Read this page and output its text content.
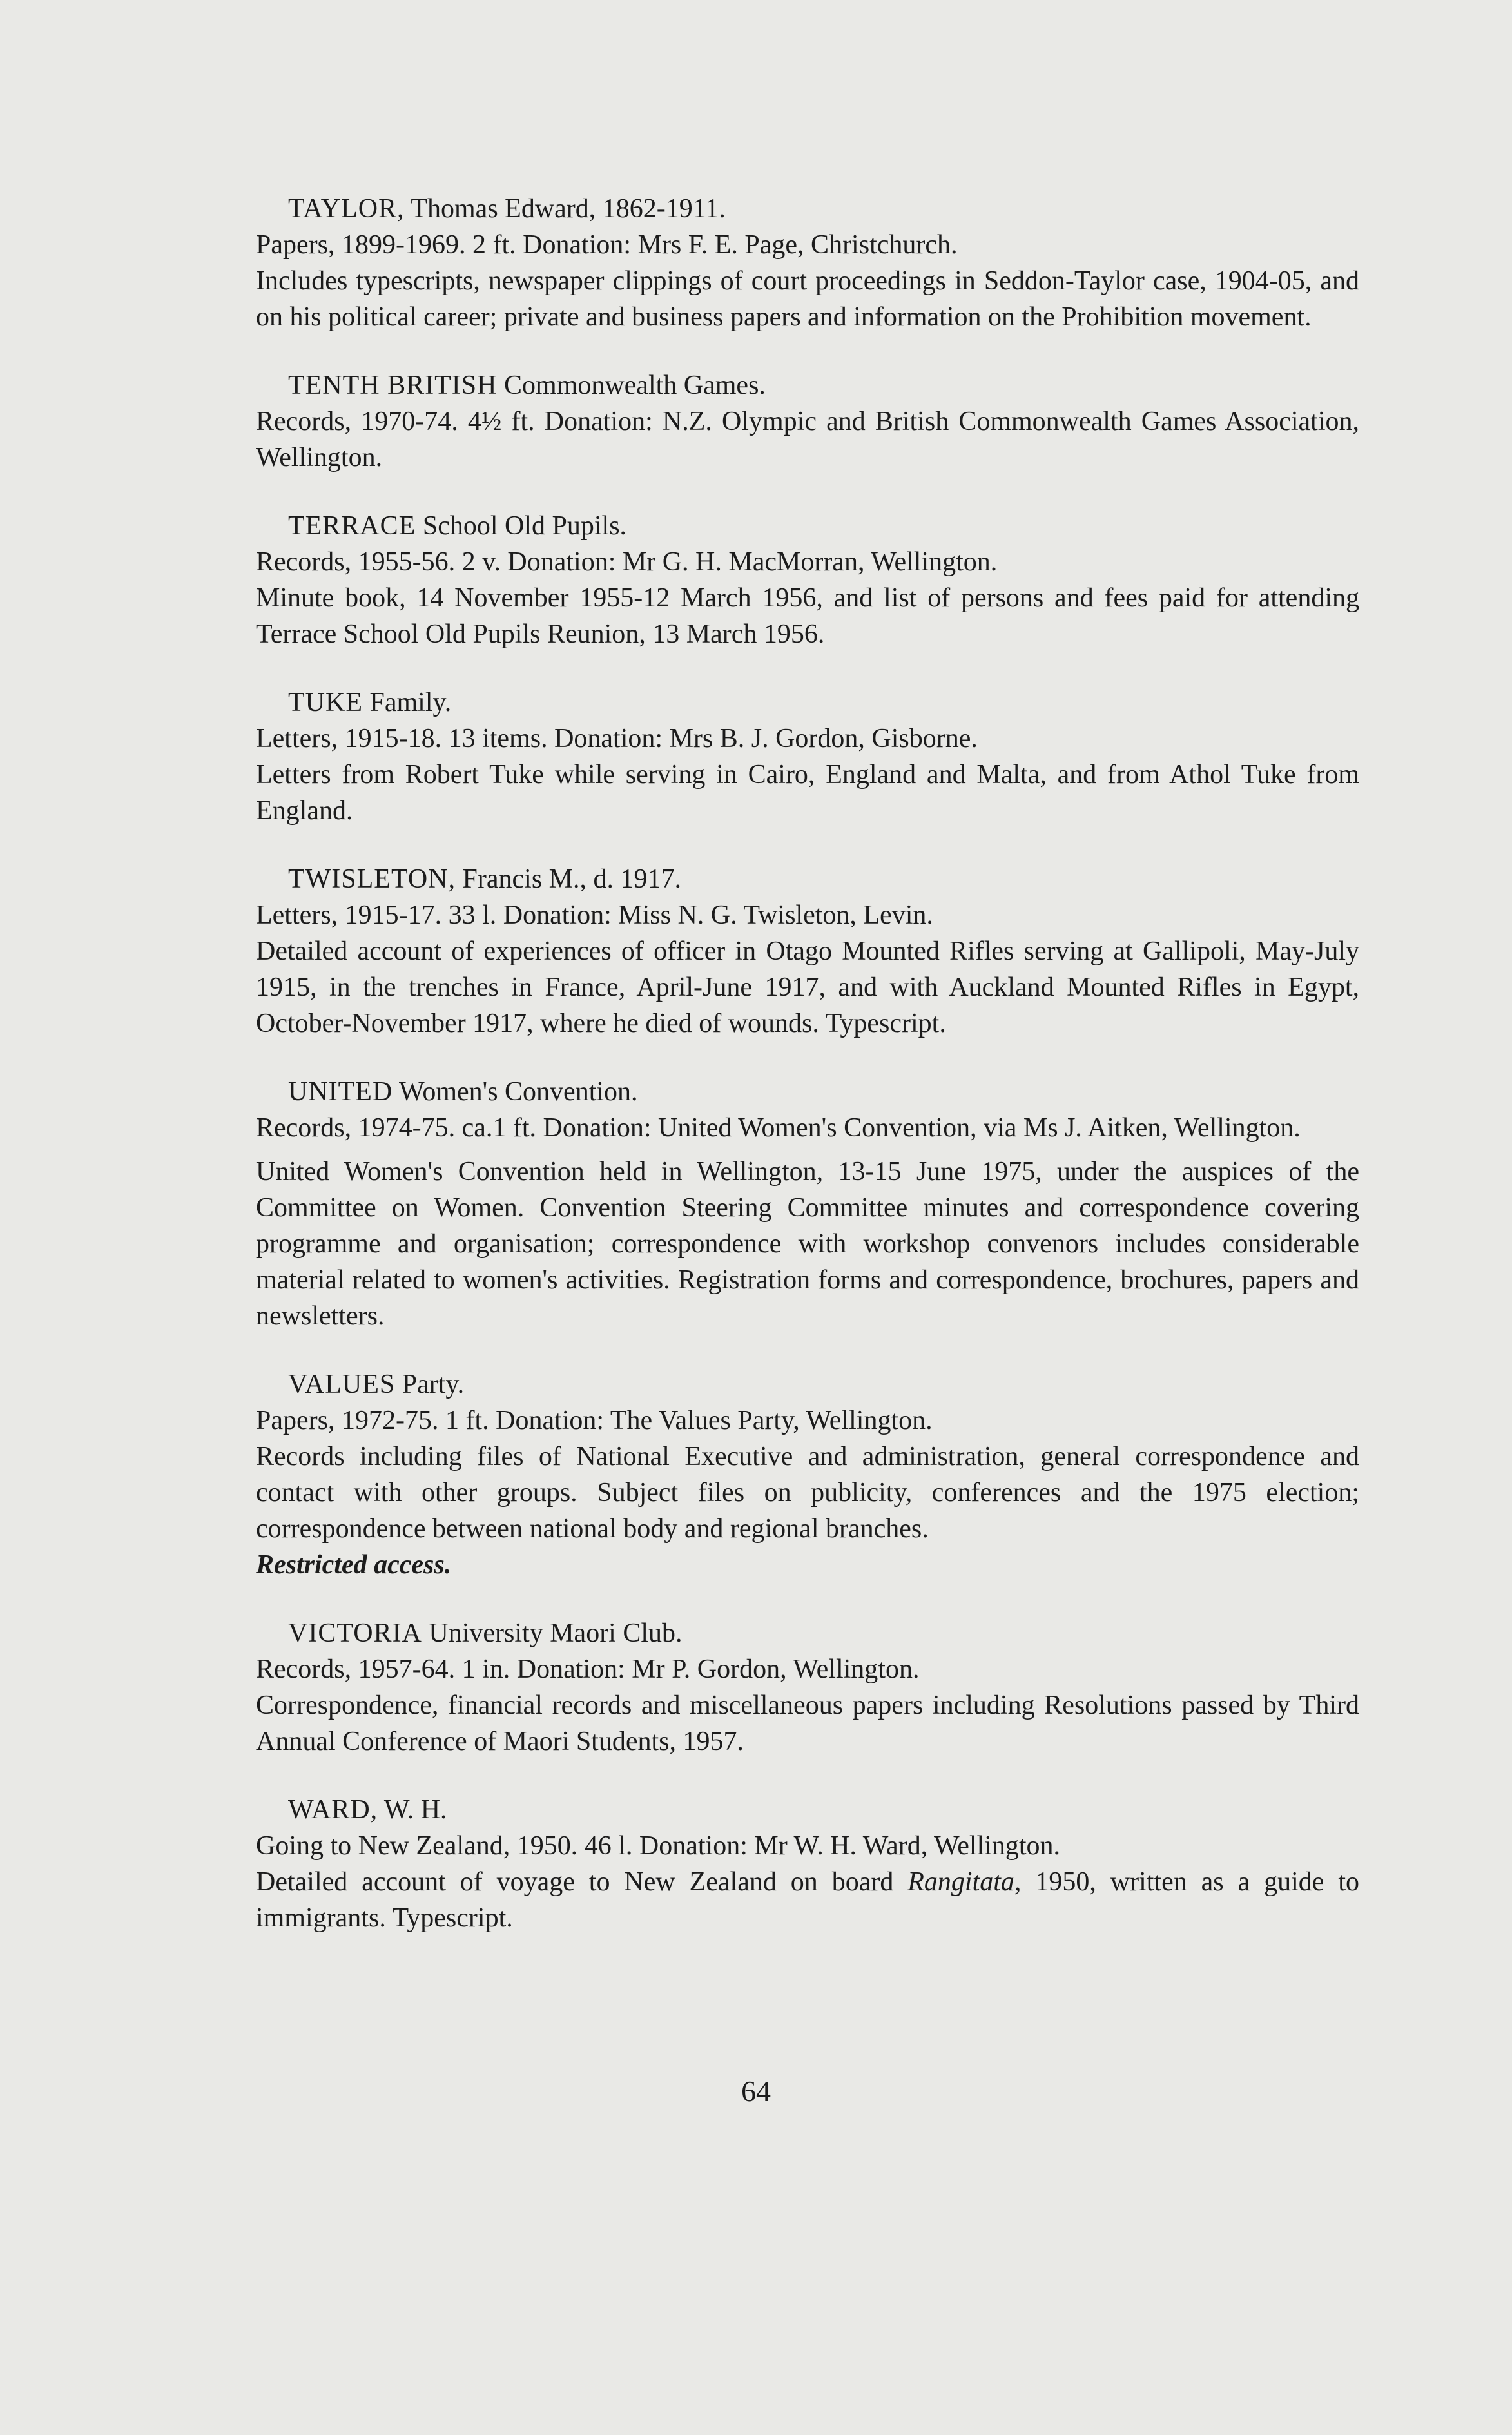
TAYLOR, Thomas Edward, 1862-1911.

Papers, 1899-1969. 2 ft. Donation: Mrs F. E. Page, Christchurch.

Includes typescripts, newspaper clippings of court proceedings in Seddon-Taylor case, 1904-05, and on his political career; private and business papers and information on the Prohibition movement.

TENTH BRITISH Commonwealth Games.

Records, 1970-74. 4½ ft. Donation: N.Z. Olympic and British Commonwealth Games Association, Wellington.

TERRACE School Old Pupils.

Records, 1955-56. 2 v. Donation: Mr G. H. MacMorran, Wellington.

Minute book, 14 November 1955-12 March 1956, and list of persons and fees paid for attending Terrace School Old Pupils Reunion, 13 March 1956.

TUKE Family.

Letters, 1915-18. 13 items. Donation: Mrs B. J. Gordon, Gisborne.

Letters from Robert Tuke while serving in Cairo, England and Malta, and from Athol Tuke from England.

TWISLETON, Francis M., d. 1917.

Letters, 1915-17. 33 l. Donation: Miss N. G. Twisleton, Levin.

Detailed account of experiences of officer in Otago Mounted Rifles serving at Gallipoli, May-July 1915, in the trenches in France, April-June 1917, and with Auckland Mounted Rifles in Egypt, October-November 1917, where he died of wounds. Typescript.

UNITED Women's Convention.

Records, 1974-75. ca.1 ft. Donation: United Women's Convention, via Ms J. Aitken, Wellington.

United Women's Convention held in Wellington, 13-15 June 1975, under the auspices of the Committee on Women. Convention Steering Committee minutes and correspondence covering programme and organisation; correspondence with workshop convenors includes considerable material related to women's activities. Registration forms and correspondence, brochures, papers and newsletters.

VALUES Party.

Papers, 1972-75. 1 ft. Donation: The Values Party, Wellington.

Records including files of National Executive and administration, general correspondence and contact with other groups. Subject files on publicity, conferences and the 1975 election; correspondence between national body and regional branches.

Restricted access.

VICTORIA University Maori Club.

Records, 1957-64. 1 in. Donation: Mr P. Gordon, Wellington.

Correspondence, financial records and miscellaneous papers including Resolutions passed by Third Annual Conference of Maori Students, 1957.

WARD, W. H.

Going to New Zealand, 1950. 46 l. Donation: Mr W. H. Ward, Wellington.

Detailed account of voyage to New Zealand on board Rangitata, 1950, written as a guide to immigrants. Typescript.

64
